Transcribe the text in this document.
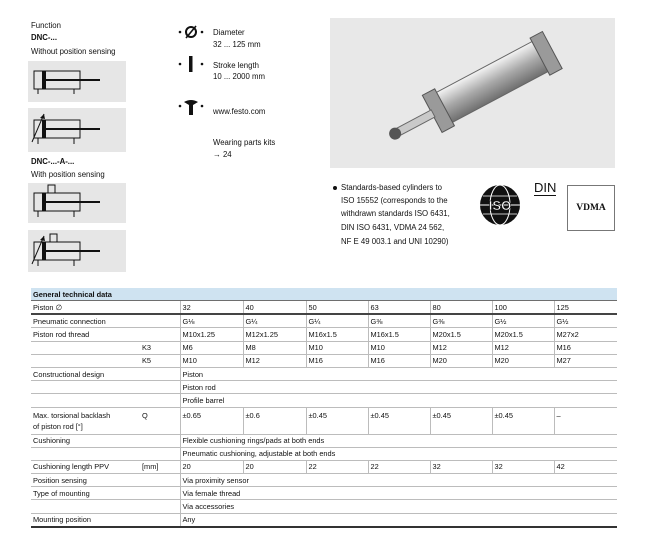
Function
DNC-...
Without position sensing
DNC-...-A-...
With position sensing
Diameter
32 ... 125 mm
Stroke length
10 ... 2000 mm
www.festo.com
Wearing parts kits
→ 24
Standards-based cylinders to
ISO 15552 (corresponds to the
withdrawn standards ISO 6431,
DIN ISO 6431, VDMA 24 562,
NF E 49 003.1 and UNI 10290)
ISO
DIN
VDMA
General technical data								
Piston ∅		32	40	50	63	80	100	125
Pneumatic connection		G⅛	G¼	G¼	G⅜	G⅜	G½	G½
Piston rod thread		M10x1.25	M12x1.25	M16x1.5	M16x1.5	M20x1.5	M20x1.5	M27x2
	K3	M6	M8	M10	M10	M12	M12	M16
	K5	M10	M12	M16	M16	M20	M20	M27
Constructional design		Piston						
		Piston rod						
		Profile barrel						

Max. torsional backlash
of piston rod [°]	Q	±0.65	±0.6	±0.45	±0.45	±0.45	±0.45	–
Cushioning		Flexible cushioning rings/pads at both ends						
		Pneumatic cushioning, adjustable at both ends						
Cushioning length PPV	[mm]	20	20	22	22	32	32	42
Position sensing		Via proximity sensor						
Type of mounting		Via female thread						
		Via accessories						
Mounting position		Any						
